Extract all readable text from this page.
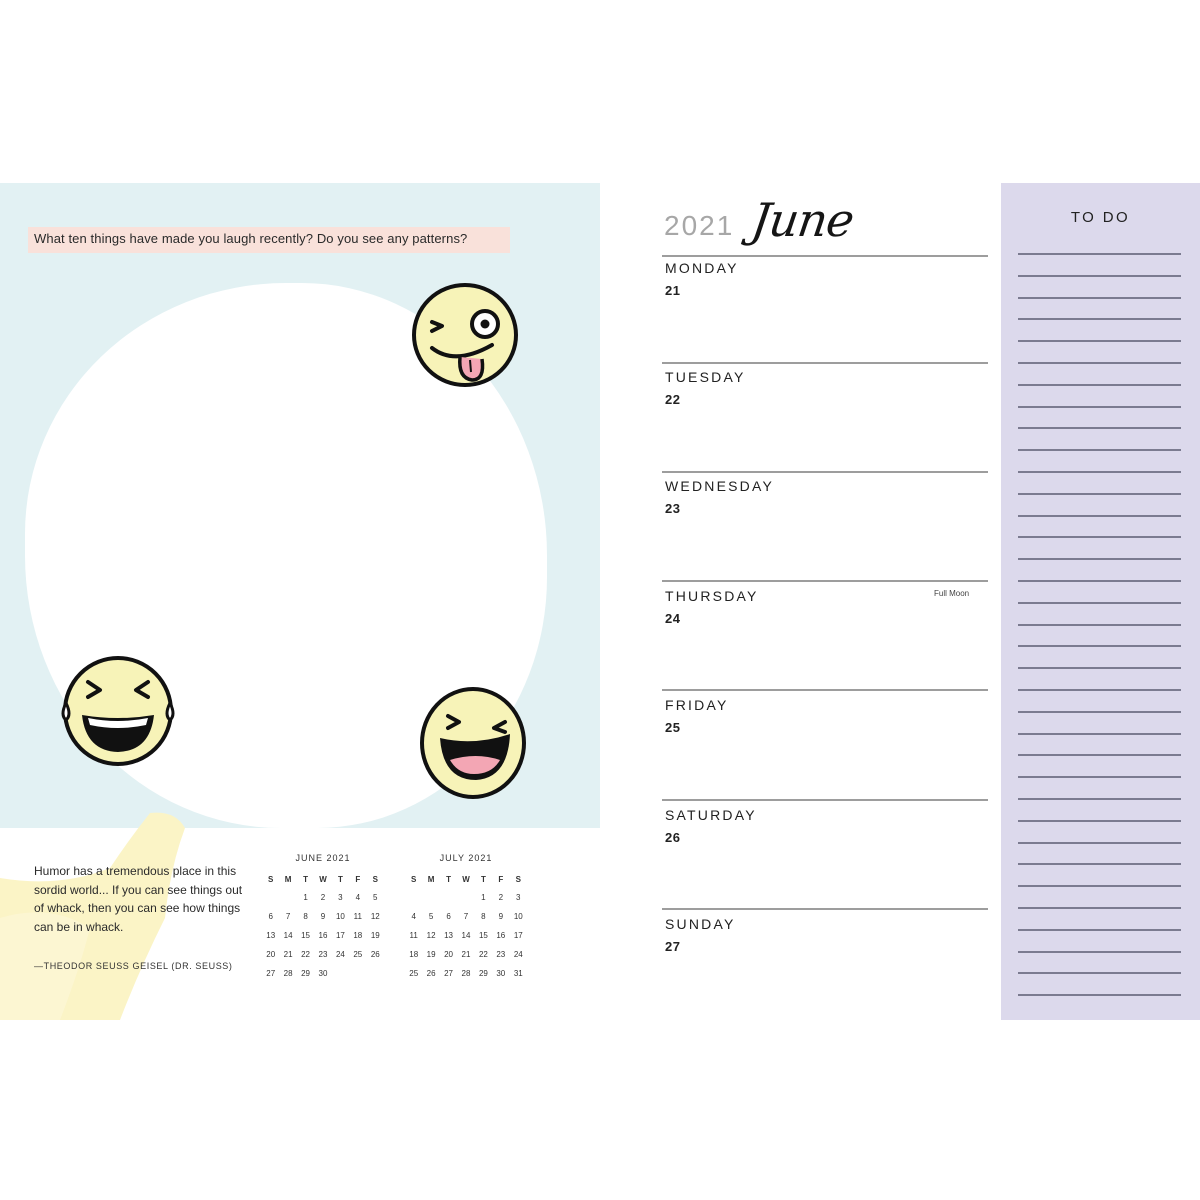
What ten things have made you laugh recently? Do you see any patterns?
Humor has a tremendous place in this sordid world... If you can see things out of whack, then you can see how things can be in whack.
—THEODOR SEUSS GEISEL (DR. SEUSS)
JUNE 2021
S	M	T	W	T	F	S
		1	2	3	4	5
6	7	8	9	10	11	12
13	14	15	16	17	18	19
20	21	22	23	24	25	26
27	28	29	30			
JULY 2021
S	M	T	W	T	F	S
				1	2	3
4	5	6	7	8	9	10
11	12	13	14	15	16	17
18	19	20	21	22	23	24
25	26	27	28	29	30	31
2021 June
MONDAY
21
TUESDAY
22
WEDNESDAY
23
THURSDAY
24
Full Moon
FRIDAY
25
SATURDAY
26
SUNDAY
27
TO DO
